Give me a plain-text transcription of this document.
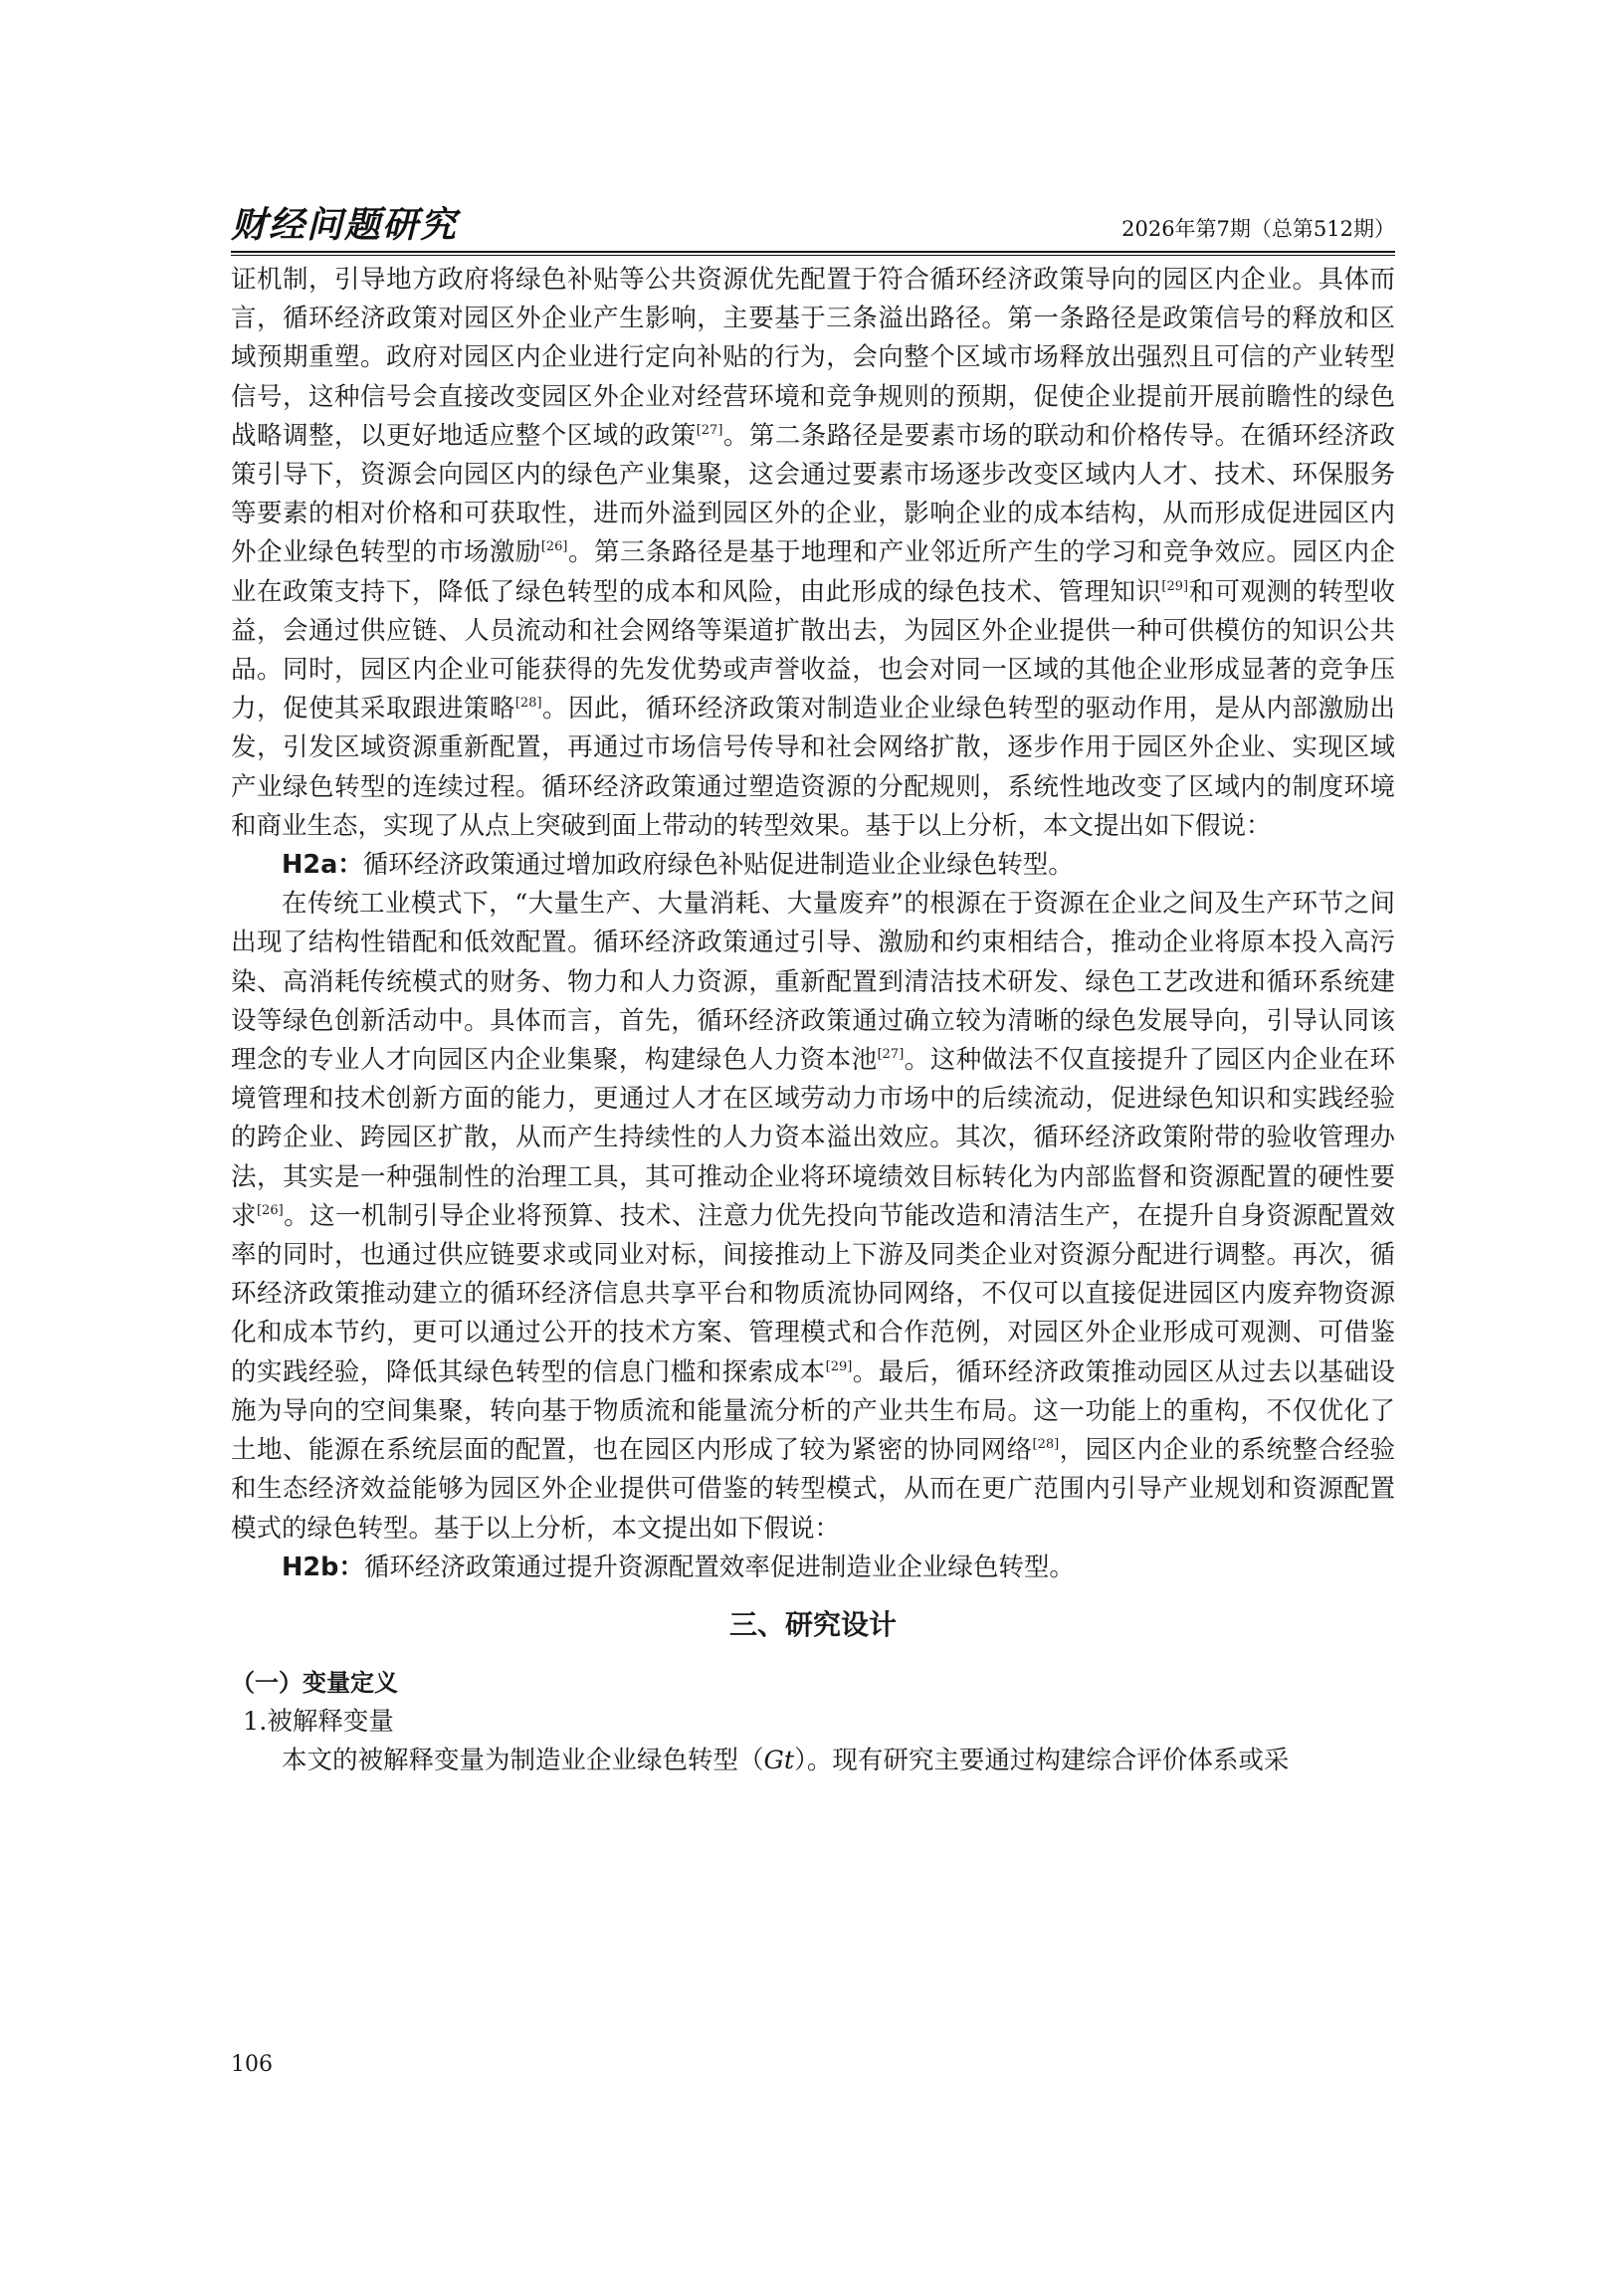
财经问题研究	2026年第7期（总第512期）

证机制，引导地方政府将绿色补贴等公共资源优先配置于符合循环经济政策导向的园区内企业。具体而言，循环经济政策对园区外企业产生影响，主要基于三条溢出路径。第一条路径是政策信号的释放和区域预期重塑。政府对园区内企业进行定向补贴的行为，会向整个区域市场释放出强烈且可信的产业转型信号，这种信号会直接改变园区外企业对经营环境和竞争规则的预期，促使企业提前开展前瞻性的绿色战略调整，以更好地适应整个区域的政策[27]。第二条路径是要素市场的联动和价格传导。在循环经济政策引导下，资源会向园区内的绿色产业集聚，这会通过要素市场逐步改变区域内人才、技术、环保服务等要素的相对价格和可获取性，进而外溢到园区外的企业，影响企业的成本结构，从而形成促进园区内外企业绿色转型的市场激励[26]。第三条路径是基于地理和产业邻近所产生的学习和竞争效应。园区内企业在政策支持下，降低了绿色转型的成本和风险，由此形成的绿色技术、管理知识[29]和可观测的转型收益，会通过供应链、人员流动和社会网络等渠道扩散出去，为园区外企业提供一种可供模仿的知识公共品。同时，园区内企业可能获得的先发优势或声誉收益，也会对同一区域的其他企业形成显著的竞争压力，促使其采取跟进策略[28]。因此，循环经济政策对制造业企业绿色转型的驱动作用，是从内部激励出发，引发区域资源重新配置，再通过市场信号传导和社会网络扩散，逐步作用于园区外企业、实现区域产业绿色转型的连续过程。循环经济政策通过塑造资源的分配规则，系统性地改变了区域内的制度环境和商业生态，实现了从点上突破到面上带动的转型效果。基于以上分析，本文提出如下假说：

H2a：循环经济政策通过增加政府绿色补贴促进制造业企业绿色转型。

在传统工业模式下，“大量生产、大量消耗、大量废弃”的根源在于资源在企业之间及生产环节之间出现了结构性错配和低效配置。循环经济政策通过引导、激励和约束相结合，推动企业将原本投入高污染、高消耗传统模式的财务、物力和人力资源，重新配置到清洁技术研发、绿色工艺改进和循环系统建设等绿色创新活动中。具体而言，首先，循环经济政策通过确立较为清晰的绿色发展导向，引导认同该理念的专业人才向园区内企业集聚，构建绿色人力资本池[27]。这种做法不仅直接提升了园区内企业在环境管理和技术创新方面的能力，更通过人才在区域劳动力市场中的后续流动，促进绿色知识和实践经验的跨企业、跨园区扩散，从而产生持续性的人力资本溢出效应。其次，循环经济政策附带的验收管理办法，其实是一种强制性的治理工具，其可推动企业将环境绩效目标转化为内部监督和资源配置的硬性要求[26]。这一机制引导企业将预算、技术、注意力优先投向节能改造和清洁生产，在提升自身资源配置效率的同时，也通过供应链要求或同业对标，间接推动上下游及同类企业对资源分配进行调整。再次，循环经济政策推动建立的循环经济信息共享平台和物质流协同网络，不仅可以直接促进园区内废弃物资源化和成本节约，更可以通过公开的技术方案、管理模式和合作范例，对园区外企业形成可观测、可借鉴的实践经验，降低其绿色转型的信息门槛和探索成本[29]。最后，循环经济政策推动园区从过去以基础设施为导向的空间集聚，转向基于物质流和能量流分析的产业共生布局。这一功能上的重构，不仅优化了土地、能源在系统层面的配置，也在园区内形成了较为紧密的协同网络[28]，园区内企业的系统整合经验和生态经济效益能够为园区外企业提供可借鉴的转型模式，从而在更广范围内引导产业规划和资源配置模式的绿色转型。基于以上分析，本文提出如下假说：

H2b：循环经济政策通过提升资源配置效率促进制造业企业绿色转型。

三、研究设计
（一）变量定义
1.被解释变量

本文的被解释变量为制造业企业绿色转型（Gt）。现有研究主要通过构建综合评价体系或采

106
